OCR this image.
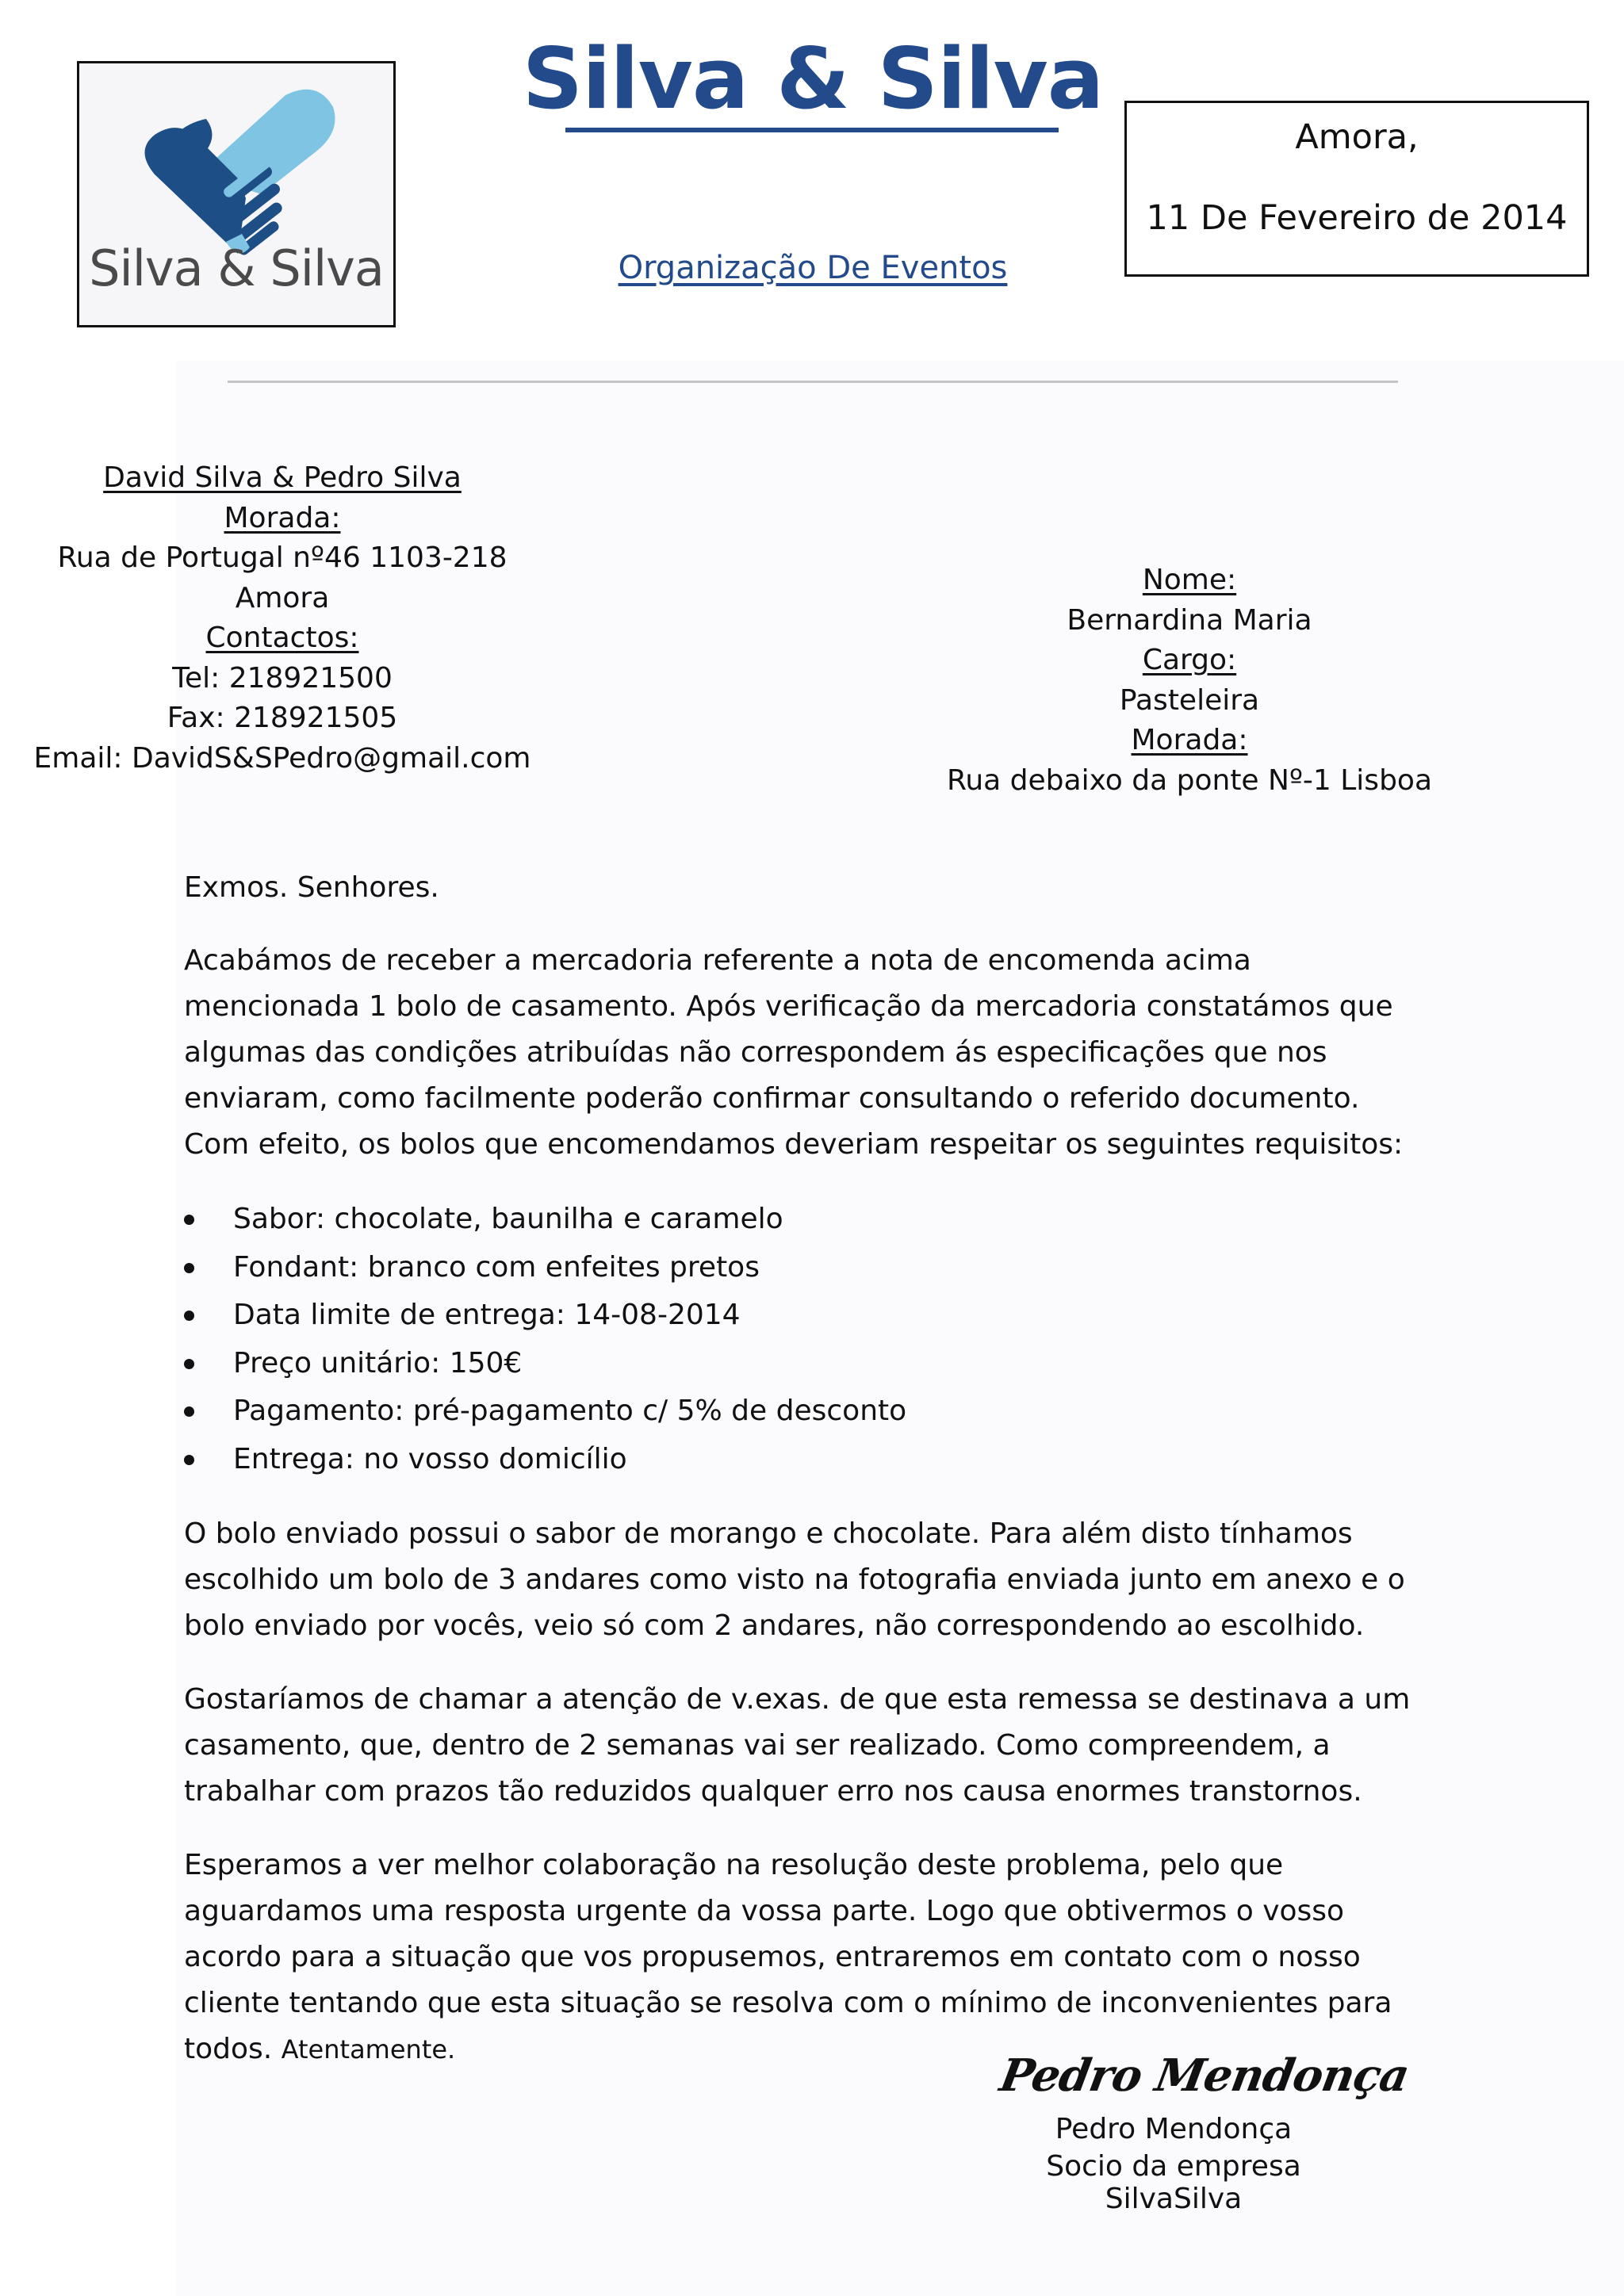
Silva & Silva
Silva & Silva
Organização De Eventos
Amora,
11 De Fevereiro de 2014
David Silva & Pedro Silva
Morada:
Rua de Portugal nº46 1103-218
Amora
Contactos:
Tel: 218921500
Fax: 218921505
Email: DavidS&SPedro@gmail.com
Nome:
Bernardina Maria
Cargo:
Pasteleira
Morada:
Rua debaixo da ponte Nº-1 Lisboa

Exmos. Senhores.

Acabámos de receber a mercadoria referente a nota de encomenda acima mencionada 1 bolo de casamento. Após verificação da mercadoria constatámos que algumas das condições atribuídas não correspondem ás especificações que nos enviaram, como facilmente poderão confirmar consultando o referido documento. Com efeito, os bolos que encomendamos deveriam respeitar os seguintes requisitos:

Sabor: chocolate, baunilha e caramelo
Fondant: branco com enfeites pretos
Data limite de entrega: 14-08-2014
Preço unitário: 150€
Pagamento: pré-pagamento c/ 5% de desconto
Entrega: no vosso domicílio

O bolo enviado possui o sabor de morango e chocolate. Para além disto tínhamos escolhido um bolo de 3 andares como visto na fotografia enviada junto em anexo e o bolo enviado por vocês, veio só com 2 andares, não correspondendo ao escolhido.

Gostaríamos de chamar a atenção de v.exas. de que esta remessa se destinava a um casamento, que, dentro de 2 semanas vai ser realizado. Como compreendem, a trabalhar com prazos tão reduzidos qualquer erro nos causa enormes transtornos.

Esperamos a ver melhor colaboração na resolução deste problema, pelo que aguardamos uma resposta urgente da vossa parte. Logo que obtivermos o vosso acordo para a situação que vos propusemos, entraremos em contato com o nosso cliente tentando que esta situação se resolva com o mínimo de inconvenientes para todos. Atentamente.	Pedro Mendonça
Pedro Mendonça
Socio da empresa SilvaSilva
